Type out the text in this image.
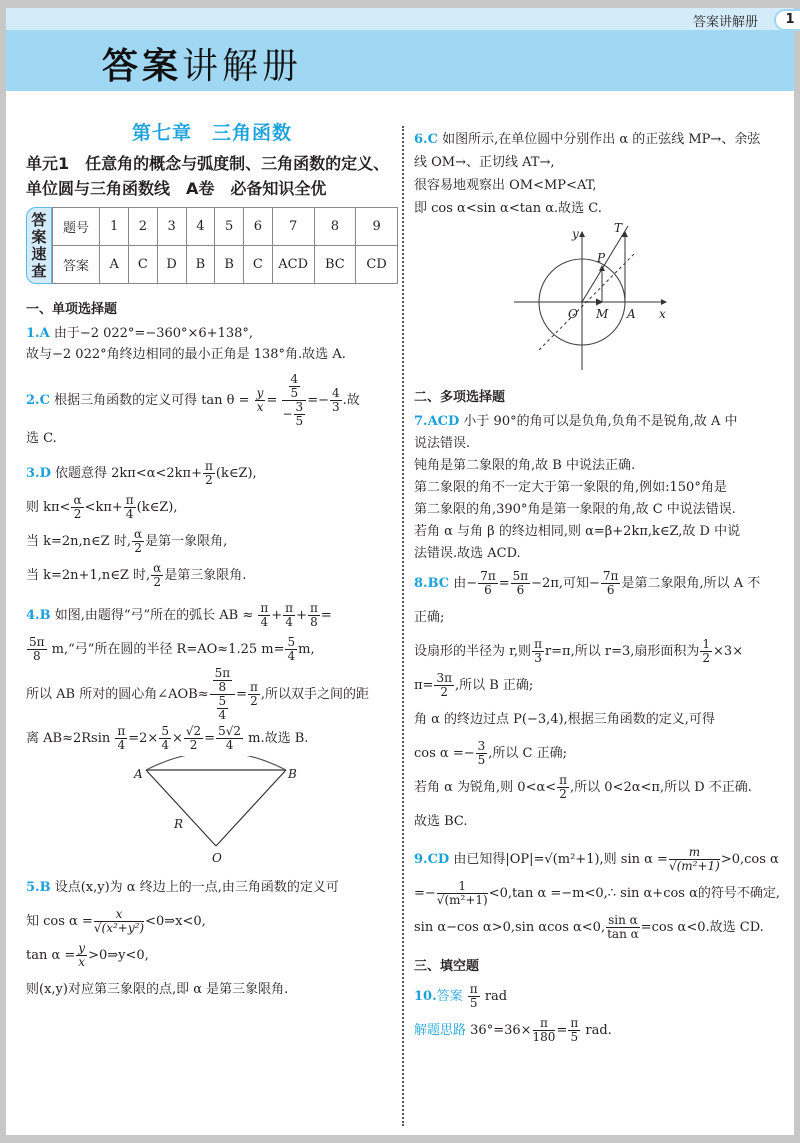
答案讲解册	1
答案讲解册
第七章　三角函数
单元1　任意角的概念与弧度制、三角函数的定义、
单位圆与三角函数线　A卷　必备知识全优
答案速查
题号	1	2	3	4	5	6	7	8	9
答案	A	C	D	B	B	C	ACD	BC	CD
一、单项选择题
1.A 由于−2 022°=−360°×6+138°,
故与−2 022°角终边相同的最小正角是 138°角.故选 A.
2.C 根据三角函数的定义可得 $\tan \theta = \frac{y}{x} = \frac{\frac{4}{5}}{- \frac{3}{5}} =- \frac{4}{3}$ .故
选 C.
3.D 依题意得 $2k\pi<\alpha<2k\pi+ \frac{\pi}{2}$ (k∈Z),
则 $k\pi< \frac{\alpha}{2} <k\pi+ \frac{\pi}{4}$ (k∈Z),
当 k=2n,n∈Z 时, $\frac{\alpha}{2}$ 是第一象限角,
当 k=2n+1,n∈Z 时, $\frac{\alpha}{2}$ 是第三象限角.
4.B 如图,由题得“弓”所在的弧长 AB ≈ $\frac{\pi}{4} + \frac{\pi}{4} + \frac{\pi}{8}$ =

$\frac{5\pi}{8}$ m,“弓”所在圆的半径 R=AO≈1.25 $m= \frac{5}{4} m$,
所以 AB 所对的圆心角∠AOB≈ $\frac{\frac{5\pi}{8}}{\frac{5}{4}} = \frac{\pi}{2}$ ,所以双手之间的距
离 $AB\approx 2Rsin \frac{\pi}{4} =2\times \frac{5}{4} \times \frac{√2}{2} = \frac{5√2}{4} m$.故选 B.
A	B
R
O
5.B 设点(x,y)为 α 终边上的一点,由三角函数的定义可
知 $\cos \alpha = \frac{x}{\text{√(x²+y²)}}$ <0⇒x<0,
$\tan \alpha = \frac{y}{x}$ >0⇒y<0,
则(x,y)对应第三象限的点,即 α 是第三象限角.
6.C 如图所示,在单位圆中分别作出 α 的正弦线 MP→、余弦
线 OM→、正切线 AT→,
很容易地观察出 OM<MP<AT,
即 cos α<sin α<tan α.故选 C.
y
x
O M A
P
T
二、多项选择题
7.ACD 小于 90°的角可以是负角,负角不是锐角,故 A 中
说法错误.
钝角是第二象限的角,故 B 中说法正确.
第二象限的角不一定大于第一象限的角,例如:150°角是
第二象限的角,390°角是第一象限的角,故 C 中说法错误.
若角 α 与角 β 的终边相同,则 α=β+2kπ,k∈Z,故 D 中说
法错误.故选 ACD.
8.BC 由− $\frac{7\pi}{6} = \frac{5\pi}{6} -2\pi$,可知− $\frac{7\pi}{6}$ 是第二象限角,所以 A 不
正确;
设扇形的半径为 r,则 $\frac{\pi}{3} r=\pi$,所以 r=3,扇形面积为 $\frac{1}{2} \times 3\times$
$\pi= \frac{3\pi}{2}$ ,所以 B 正确;
角 α 的终边过点 P(−3,4),根据三角函数的定义,可得
$\cos \alpha =- \frac{3}{5}$ ,所以 C 正确;
若角 α 为锐角,则 $0<\alpha< \frac{\pi}{2}$ ,所以 0<2α<π,所以 D 不正确.
故选 BC.
9.CD 由已知得|OP|=√(m²+1),则 $\sin \alpha = \frac{m}{\text{√(m²+1)}} >0,\cos$ α
=− $\frac{1}{\text{√(m²+1)}} <0,\tan$ α =−m<0,∴ sin α+cos α的符号不确定,
sin α−cos α>0,sin αcos α<0, $\frac{\text{sin α}}{\text{tan α}} =\cos$ α<0.故选 CD.
三、填空题
10.答案 $\frac{\pi}{5}$ rad
解题思路 $36^\circ=36\times \frac{\pi}{180} = \frac{\pi}{5}$ rad.
